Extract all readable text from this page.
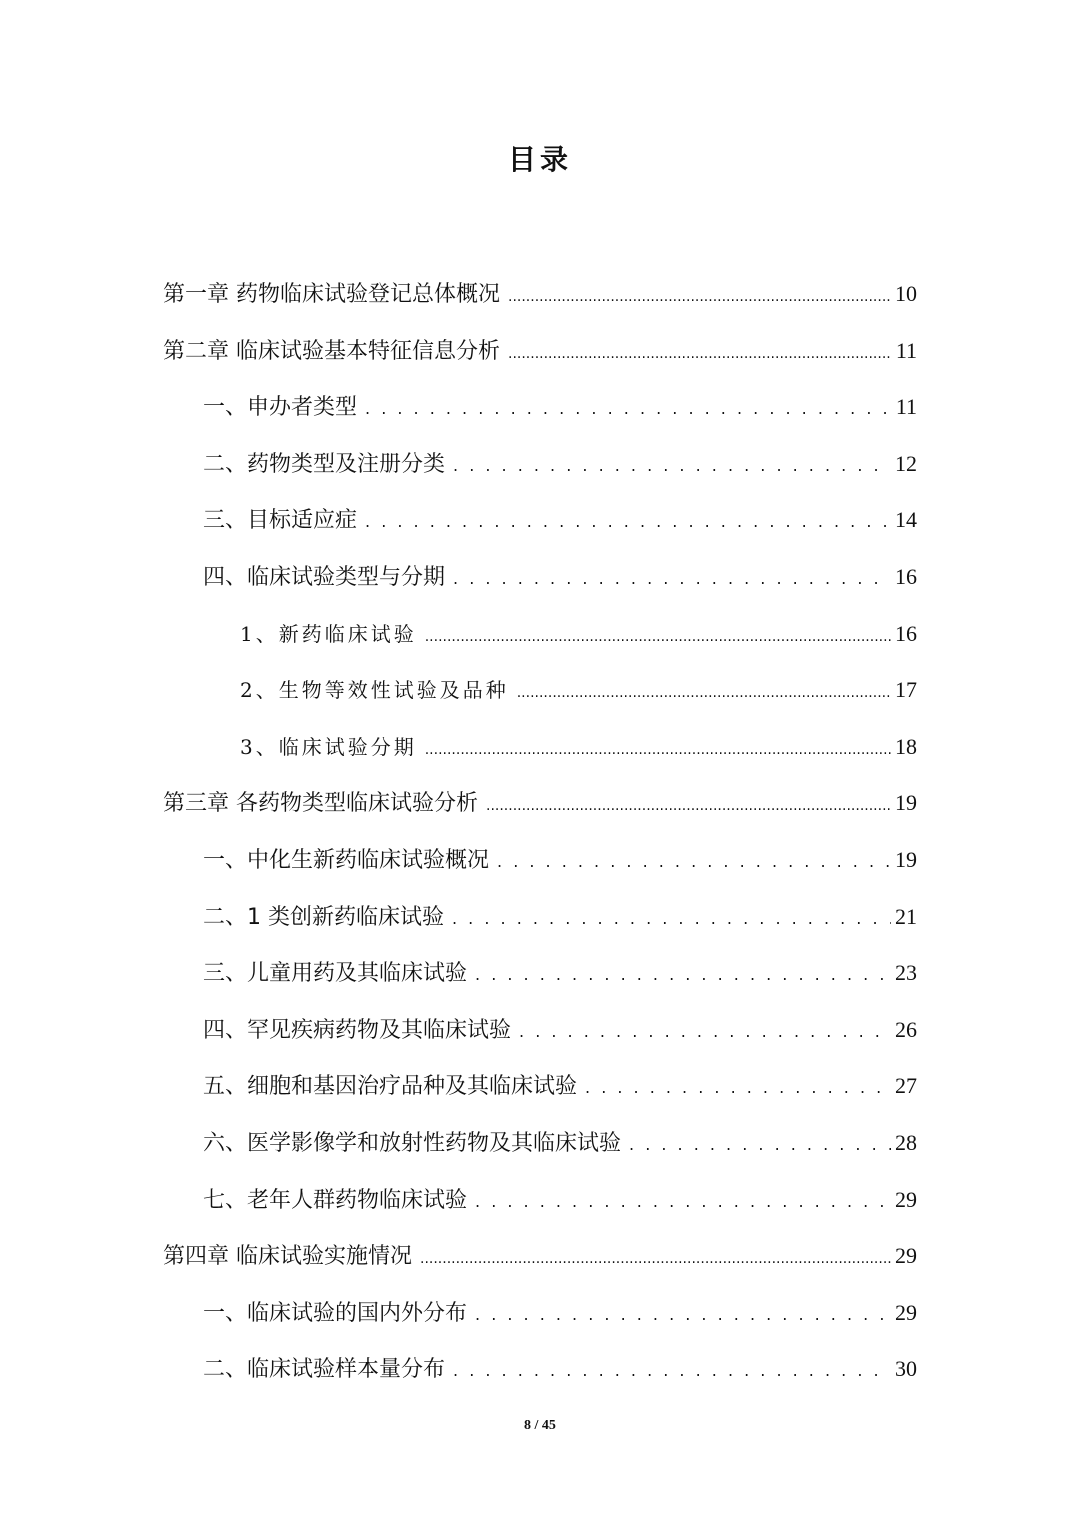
目录
第一章 药物临床试验登记总体概况 .....	10
第二章 临床试验基本特征信息分析 .....	11
一、申办者类型 . . .	11
二、药物类型及注册分类 . . .	12
三、目标适应症 . . .	14
四、临床试验类型与分期 . . .	16
1、新药临床试验 .....	16
2、生物等效性试验及品种 .....	17
3、临床试验分期 .....	18
第三章 各药物类型临床试验分析 .....	19
一、中化生新药临床试验概况 . . .	19
二、1 类创新药临床试验 . . .	21
三、儿童用药及其临床试验 . . .	23
四、罕见疾病药物及其临床试验 . . .	26
五、细胞和基因治疗品种及其临床试验 . . .	27
六、医学影像学和放射性药物及其临床试验 . . .	28
七、老年人群药物临床试验 . . .	29
第四章 临床试验实施情况 .....	29
一、临床试验的国内外分布 . . .	29
二、临床试验样本量分布 . . .	30
8 / 45
